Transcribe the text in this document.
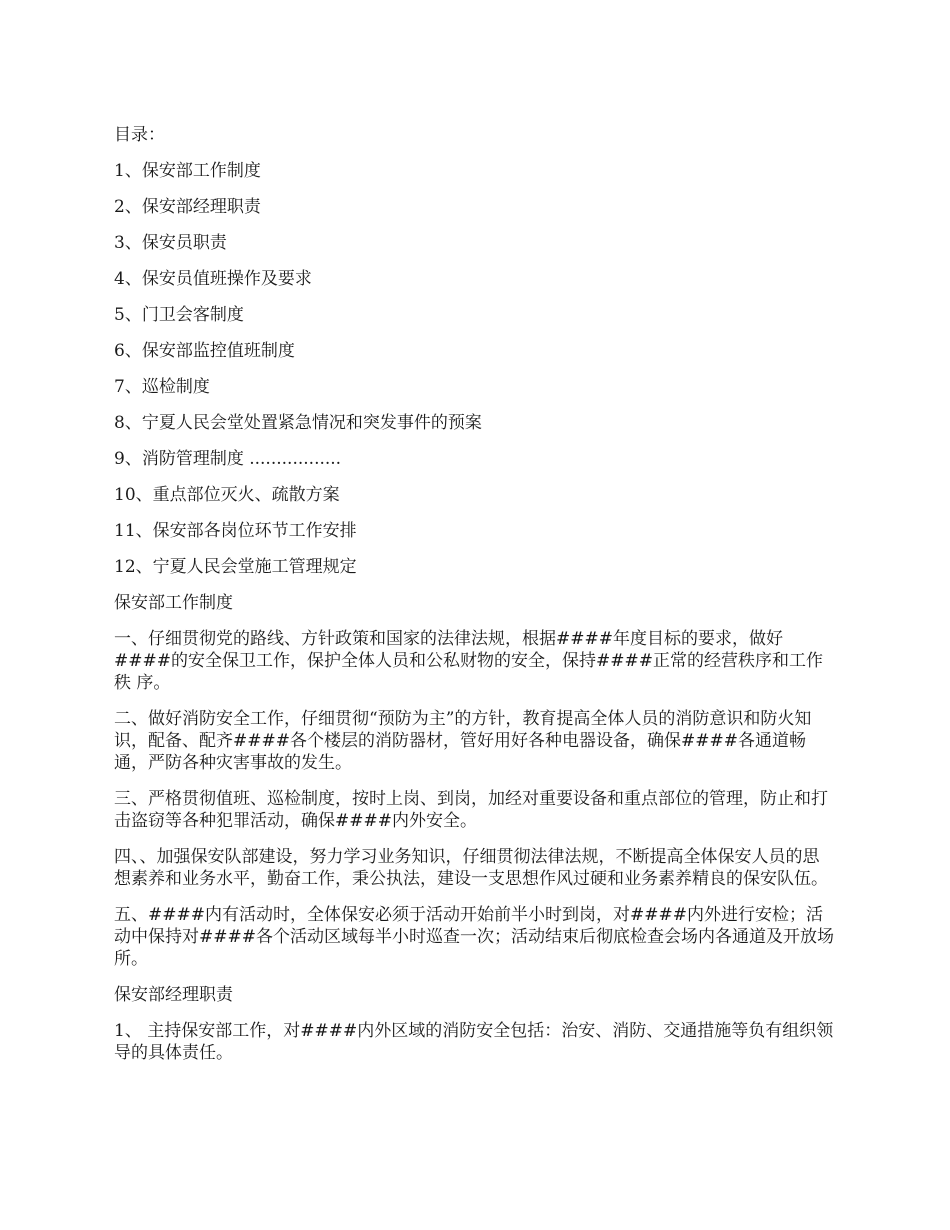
目录：
1、保安部工作制度
2、保安部经理职责
3、保安员职责
4、保安员值班操作及要求
5、门卫会客制度
6、保安部监控值班制度
7、巡检制度
8、宁夏人民会堂处置紧急情况和突发事件的预案
9、消防管理制度 .................
10、重点部位灭火、疏散方案
11、保安部各岗位环节工作安排
12、宁夏人民会堂施工管理规定
保安部工作制度
一、仔细贯彻党的路线、方针政策和国家的法律法规，根据####年度目标的要求，做好####的安全保卫工作，保护全体人员和公私财物的安全，保持####正常的经营秩序和工作秩 序。
二、做好消防安全工作，仔细贯彻“预防为主”的方针，教育提高全体人员的消防意识和防火知识，配备、配齐####各个楼层的消防器材，管好用好各种电器设备，确保####各通道畅 通，严防各种灾害事故的发生。
三、严格贯彻值班、巡检制度，按时上岗、到岗，加经对重要设备和重点部位的管理，防止和打击盗窃等各种犯罪活动，确保####内外安全。
四、、加强保安队部建设，努力学习业务知识，仔细贯彻法律法规，不断提高全体保安人员的思想素养和业务水平，勤奋工作，秉公执法，建设一支思想作风过硬和业务素养精良的保安队伍。
五、####内有活动时，全体保安必须于活动开始前半小时到岗，对####内外进行安检；活动中保持对####各个活动区域每半小时巡查一次；活动结束后彻底检查会场内各通道及开放场所。
保安部经理职责
1、 主持保安部工作，对####内外区域的消防安全包括：治安、消防、交通措施等负有组织领导的具体责任。
